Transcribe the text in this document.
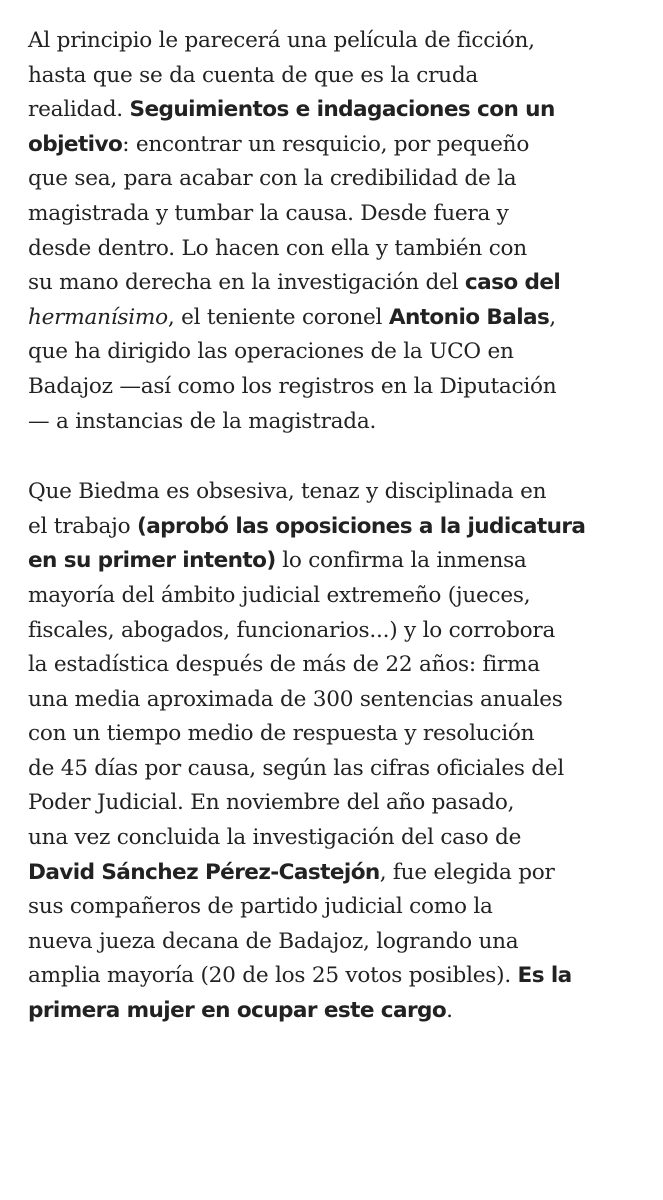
Al principio le parecerá una película de ficción,
hasta que se da cuenta de que es la cruda
realidad. Seguimientos e indagaciones con un
objetivo: encontrar un resquicio, por pequeño
que sea, para acabar con la credibilidad de la
magistrada y tumbar la causa. Desde fuera y
desde dentro. Lo hacen con ella y también con
su mano derecha en la investigación del caso del
hermanísimo, el teniente coronel Antonio Balas,
que ha dirigido las operaciones de la UCO en
Badajoz —así como los registros en la Diputación
— a instancias de la magistrada.

Que Biedma es obsesiva, tenaz y disciplinada en
el trabajo (aprobó las oposiciones a la judicatura
en su primer intento) lo confirma la inmensa
mayoría del ámbito judicial extremeño (jueces,
fiscales, abogados, funcionarios...) y lo corrobora
la estadística después de más de 22 años: firma
una media aproximada de 300 sentencias anuales
con un tiempo medio de respuesta y resolución
de 45 días por causa, según las cifras oficiales del
Poder Judicial. En noviembre del año pasado,
una vez concluida la investigación del caso de
David Sánchez Pérez-Castejón, fue elegida por
sus compañeros de partido judicial como la
nueva jueza decana de Badajoz, logrando una
amplia mayoría (20 de los 25 votos posibles). Es la
primera mujer en ocupar este cargo.
